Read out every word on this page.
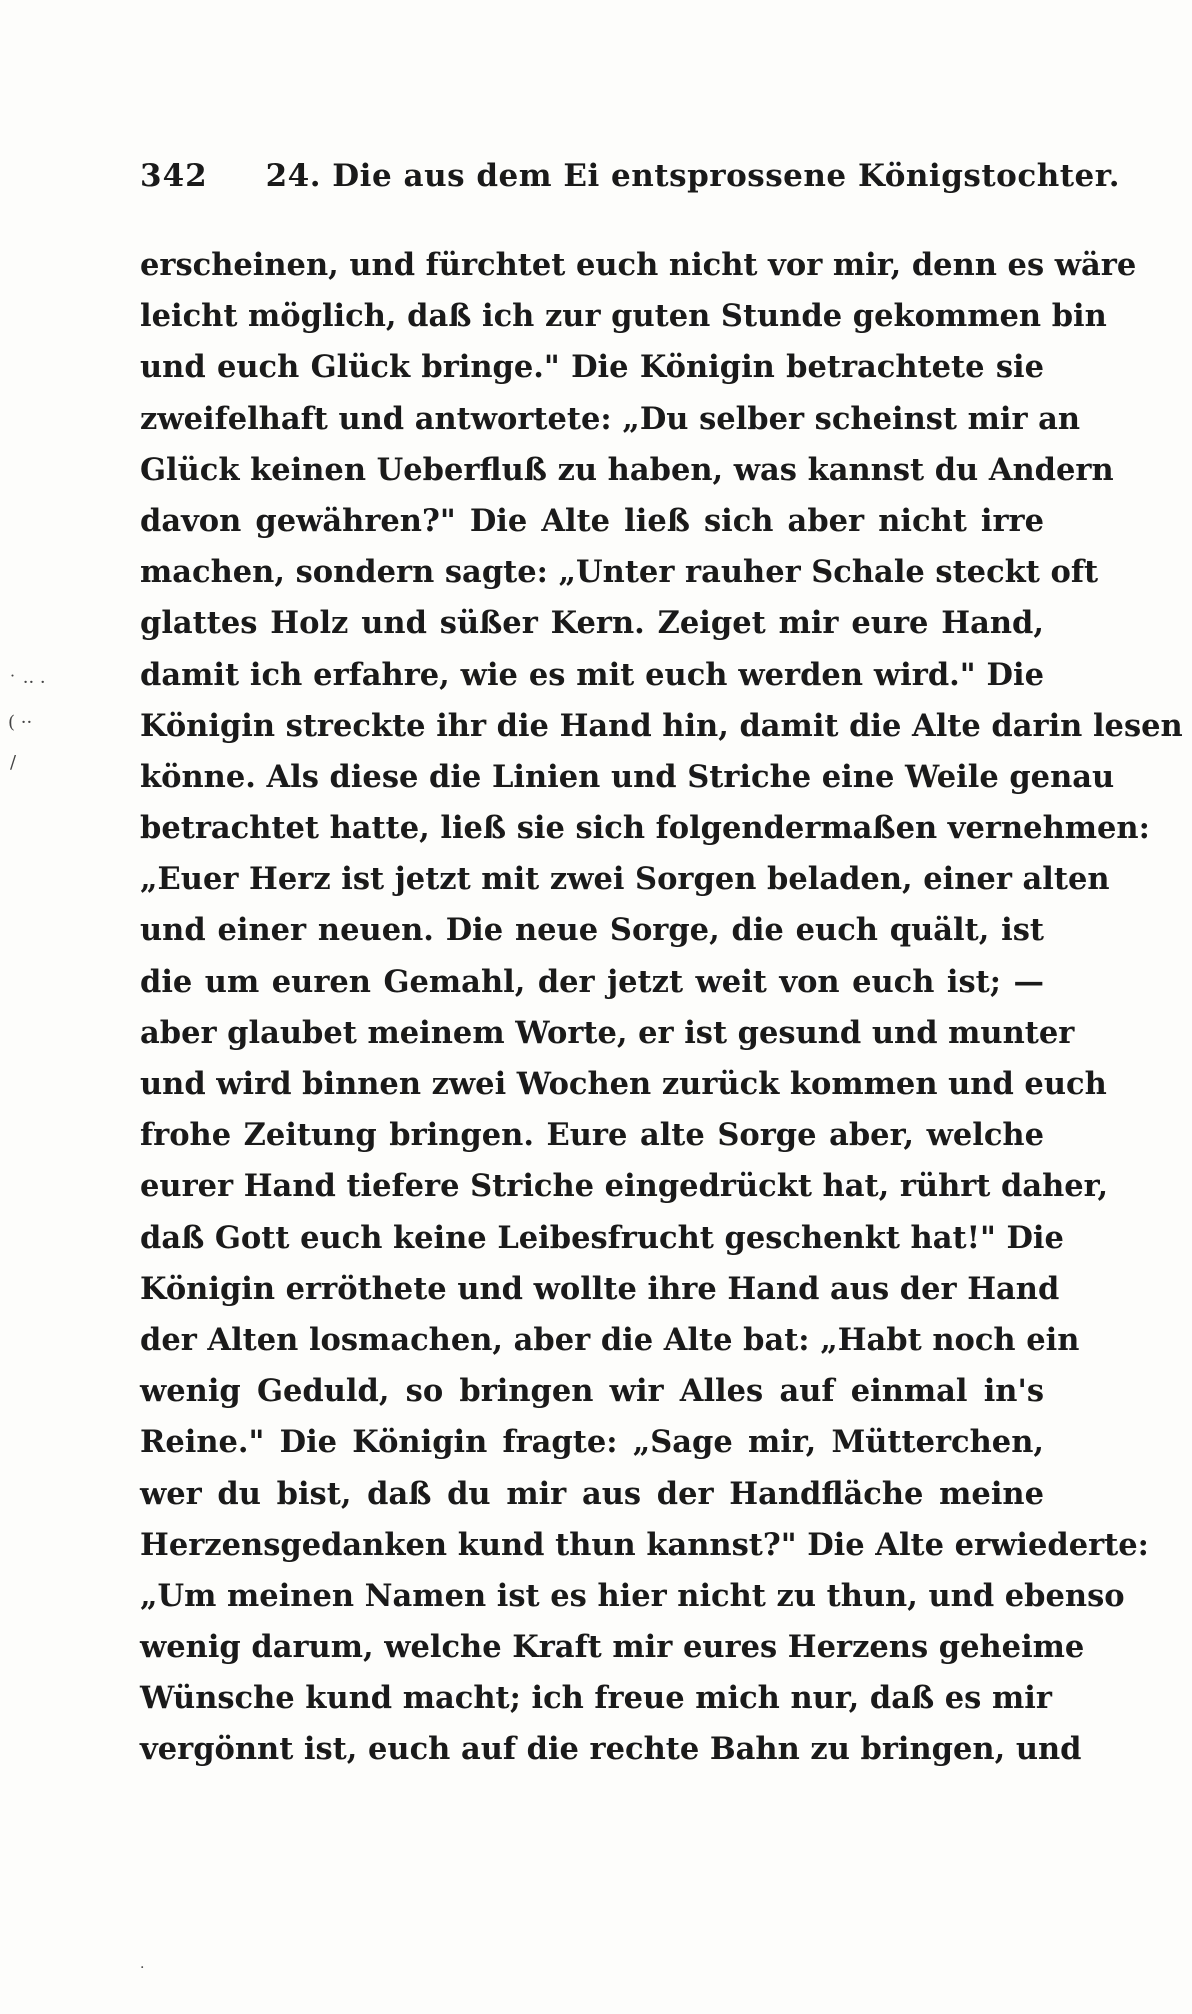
342 24. Die aus dem Ei entsprossene Königstochter.
erscheinen, und fürchtet euch nicht vor mir, denn es wäre
leicht möglich, daß ich zur guten Stunde gekommen bin
und euch Glück bringe." Die Königin betrachtete sie
zweifelhaft und antwortete: „Du selber scheinst mir an
Glück keinen Ueberfluß zu haben, was kannst du Andern
davon gewähren?" Die Alte ließ sich aber nicht irre
machen, sondern sagte: „Unter rauher Schale steckt oft
glattes Holz und süßer Kern. Zeiget mir eure Hand,
damit ich erfahre, wie es mit euch werden wird." Die
Königin streckte ihr die Hand hin, damit die Alte darin lesen
könne. Als diese die Linien und Striche eine Weile genau
betrachtet hatte, ließ sie sich folgendermaßen vernehmen:
„Euer Herz ist jetzt mit zwei Sorgen beladen, einer alten
und einer neuen. Die neue Sorge, die euch quält, ist
die um euren Gemahl, der jetzt weit von euch ist; —
aber glaubet meinem Worte, er ist gesund und munter
und wird binnen zwei Wochen zurück kommen und euch
frohe Zeitung bringen. Eure alte Sorge aber, welche
eurer Hand tiefere Striche eingedrückt hat, rührt daher,
daß Gott euch keine Leibesfrucht geschenkt hat!" Die
Königin erröthete und wollte ihre Hand aus der Hand
der Alten losmachen, aber die Alte bat: „Habt noch ein
wenig Geduld, so bringen wir Alles auf einmal in's
Reine." Die Königin fragte: „Sage mir, Mütterchen,
wer du bist, daß du mir aus der Handfläche meine
Herzensgedanken kund thun kannst?" Die Alte erwiederte:
„Um meinen Namen ist es hier nicht zu thun, und ebenso
wenig darum, welche Kraft mir eures Herzens geheime
Wünsche kund macht; ich freue mich nur, daß es mir
vergönnt ist, euch auf die rechte Bahn zu bringen, und
˙ ·· ·
( ··
/
·
